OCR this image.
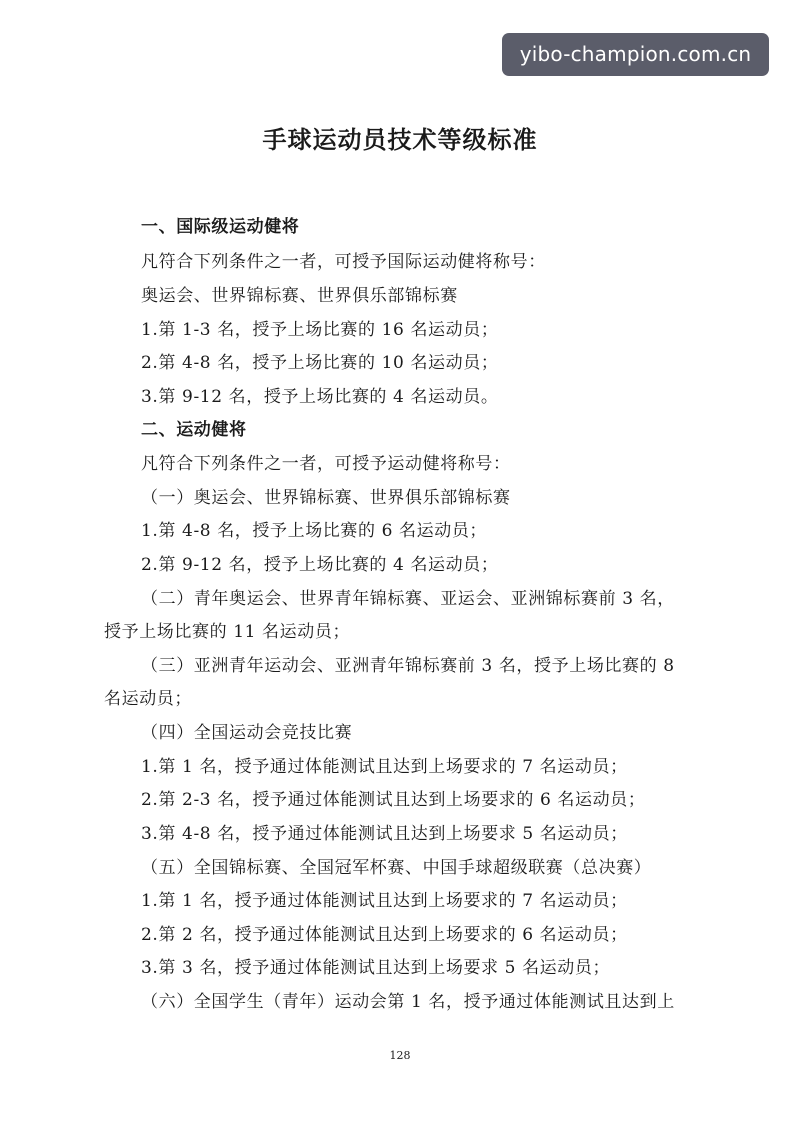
yibo-champion.com.cn
手球运动员技术等级标准
一、国际级运动健将
凡符合下列条件之一者，可授予国际运动健将称号：
奥运会、世界锦标赛、世界俱乐部锦标赛
1.第 1-3 名，授予上场比赛的 16 名运动员；
2.第 4-8 名，授予上场比赛的 10 名运动员；
3.第 9-12 名，授予上场比赛的 4 名运动员。
二、运动健将
凡符合下列条件之一者，可授予运动健将称号：
（一）奥运会、世界锦标赛、世界俱乐部锦标赛
1.第 4-8 名，授予上场比赛的 6 名运动员；
2.第 9-12 名，授予上场比赛的 4 名运动员；
（二）青年奥运会、世界青年锦标赛、亚运会、亚洲锦标赛前 3 名，
授予上场比赛的 11 名运动员；
（三）亚洲青年运动会、亚洲青年锦标赛前 3 名，授予上场比赛的 8
名运动员；
（四）全国运动会竞技比赛
1.第 1 名，授予通过体能测试且达到上场要求的 7 名运动员；
2.第 2-3 名，授予通过体能测试且达到上场要求的 6 名运动员；
3.第 4-8 名，授予通过体能测试且达到上场要求 5 名运动员；
（五）全国锦标赛、全国冠军杯赛、中国手球超级联赛（总决赛）
1.第 1 名，授予通过体能测试且达到上场要求的 7 名运动员；
2.第 2 名，授予通过体能测试且达到上场要求的 6 名运动员；
3.第 3 名，授予通过体能测试且达到上场要求 5 名运动员；
（六）全国学生（青年）运动会第 1 名，授予通过体能测试且达到上
128
